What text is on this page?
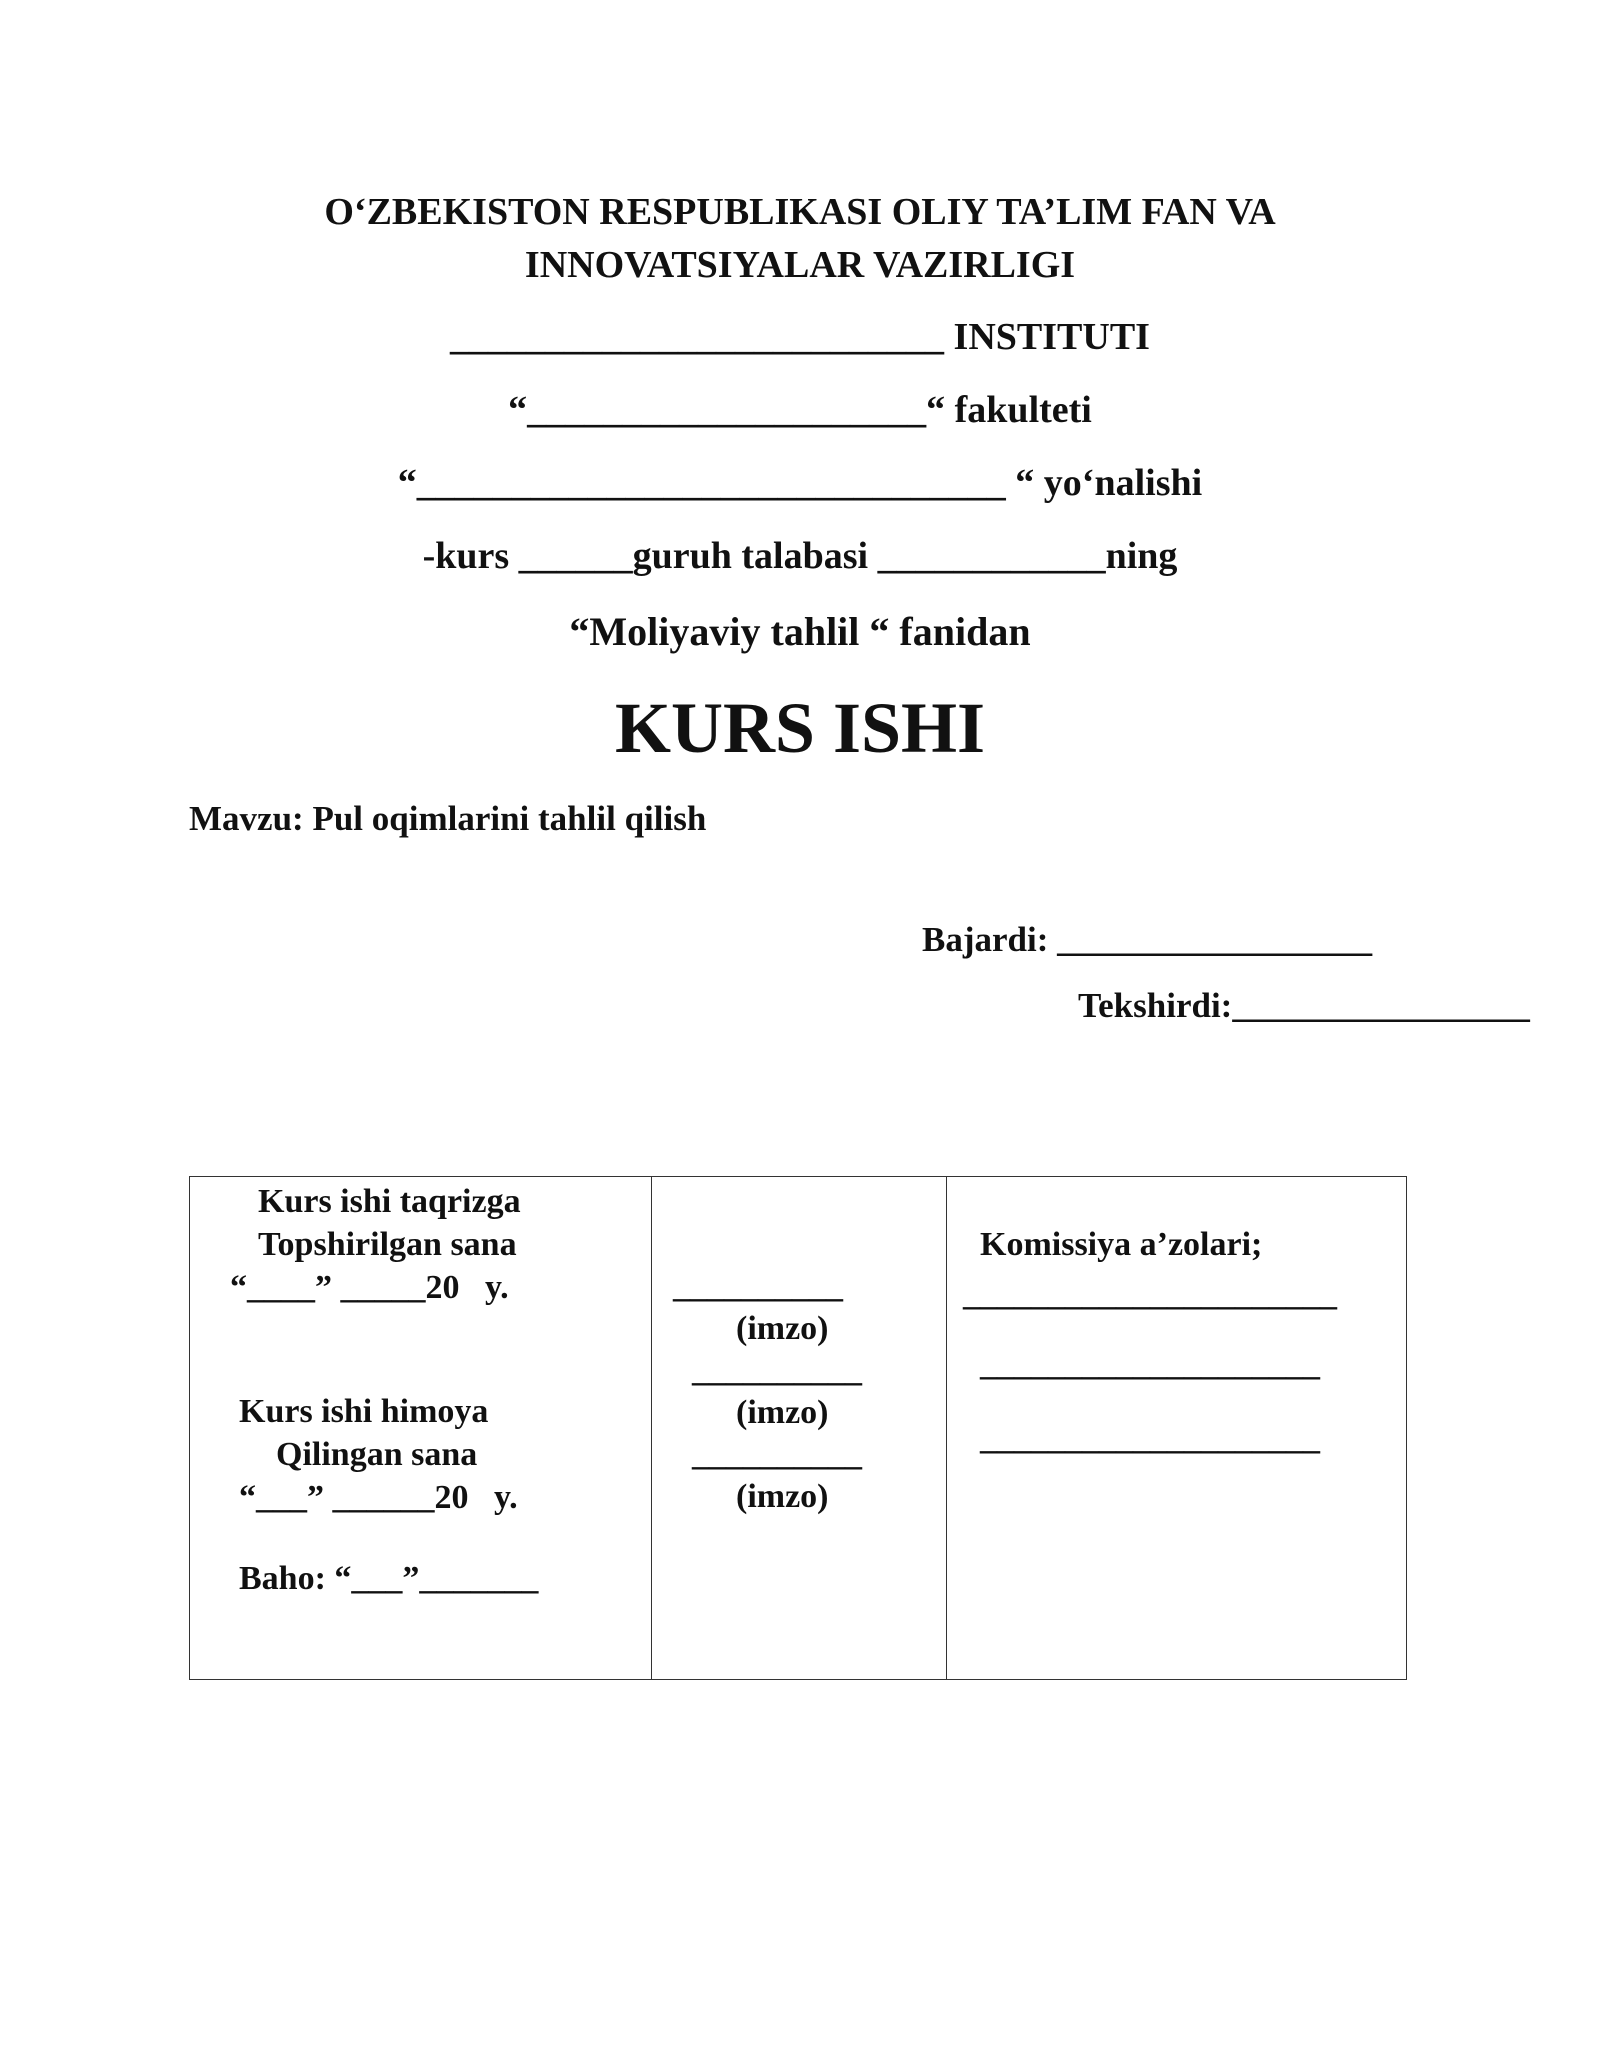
O‘ZBEKISTON RESPUBLIKASI OLIY TA’LIM FAN VA
INNOVATSIYALAR VAZIRLIGI
__________________________ INSTITUTI
“_____________________“ fakulteti
“_______________________________ “ yo‘nalishi
-kurs ______guruh talabasi ____________ning
“Moliyaviy tahlil “ fanidan
KURS ISHI
Mavzu: Pul oqimlarini tahlil qilish
Bajardi: __________________
Tekshirdi:_________________
Kurs ishi taqrizga
Topshirilgan sana
“____” _____20   y.
Kurs ishi himoya
Qilingan sana
“___” ______20   y.
Baho: “___”_______
__________
(imzo)
__________
(imzo)
__________
(imzo)
Komissiya a’zolari;
______________________
____________________
____________________
